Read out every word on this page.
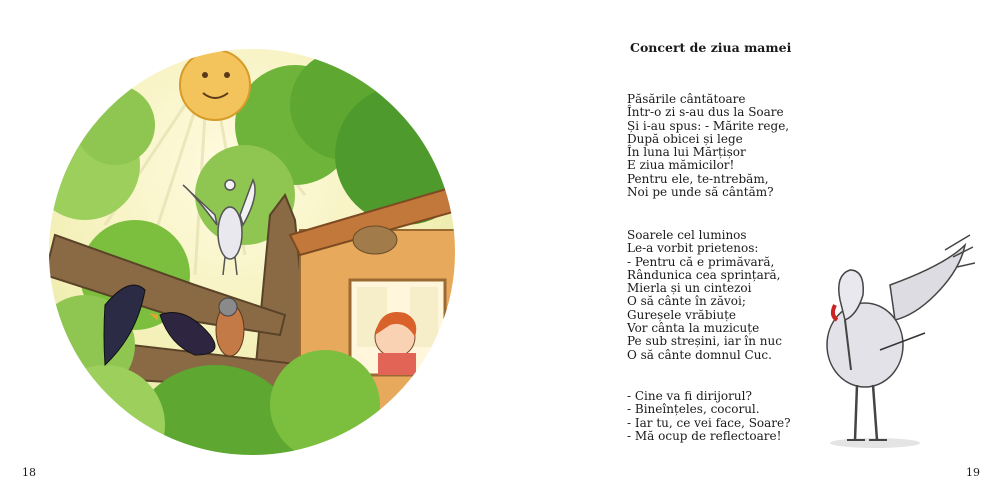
18
Concert de ziua mamei
Păsările cântătoare
Într-o zi s-au dus la Soare
Și i-au spus: - Mărite rege,
După obicei și lege
În luna lui Mărțișor
E ziua mămicilor!
Pentru ele, te-ntrebăm,
Noi pe unde să cântăm?
Soarele cel luminos
Le-a vorbit prietenos:
- Pentru că e primăvară,
Rândunica cea sprințară,
Mierla și un cintezoi
O să cânte în zăvoi;
Gureșele vrăbiuțe
Vor cânta la muzicuțe
Pe sub streșini, iar în nuc
O să cânte domnul Cuc.
- Cine va fi dirijorul?
- Bineînțeles, cocorul.
- Iar tu, ce vei face, Soare?
- Mă ocup de reflectoare!
19
